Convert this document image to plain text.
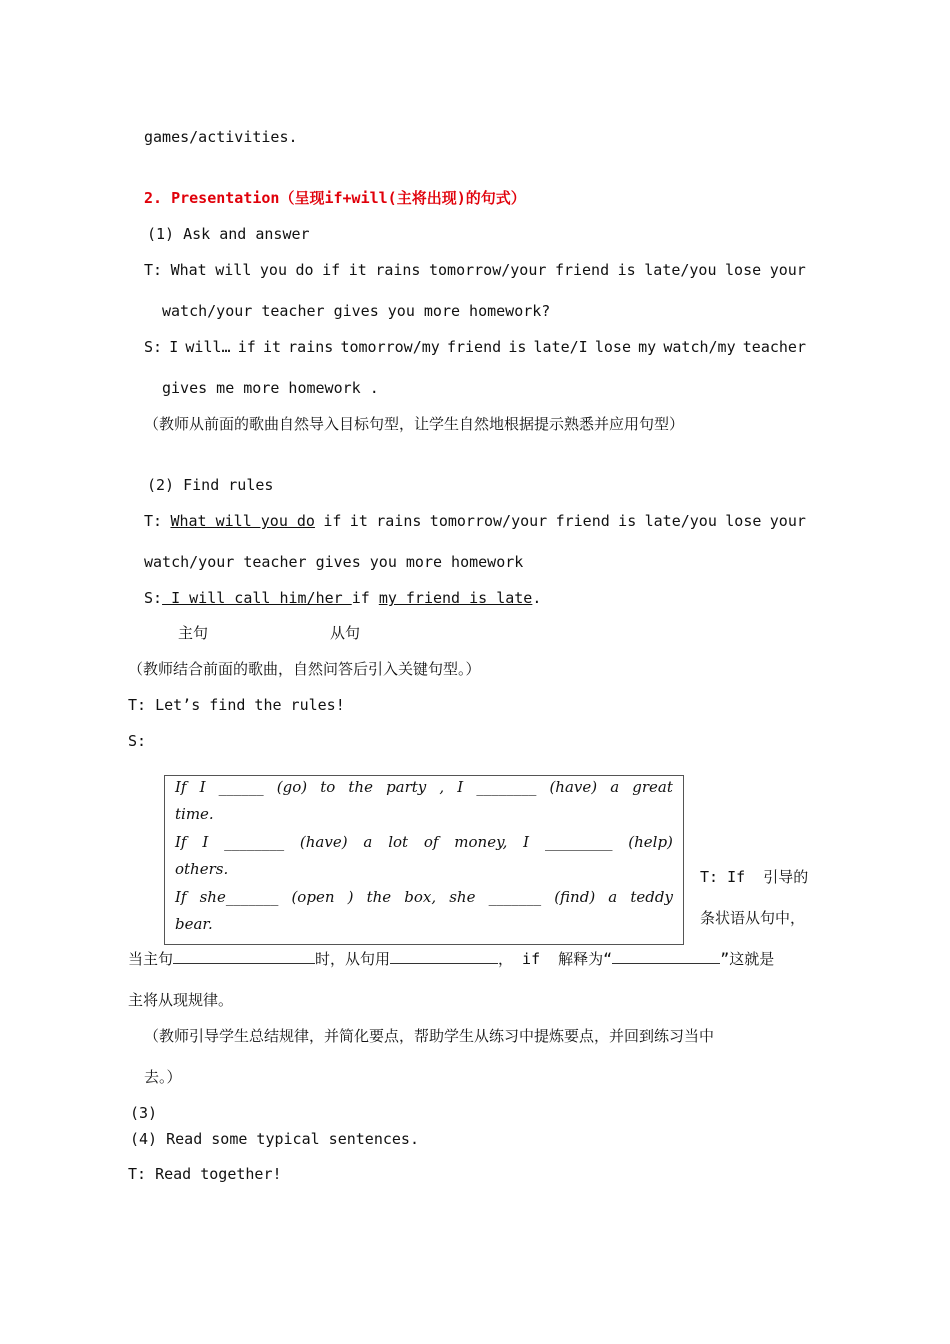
games/activities.
2. Presentation（呈现if+will(主将出现)的句式）
(1) Ask and answer
T: What will you do if it rains tomorrow/your friend is late/you lose your
watch/your teacher gives you more homework?
S: I will… if it rains tomorrow/my friend is late/I lose my watch/my teacher
gives me more homework .
（教师从前面的歌曲自然导入目标句型，让学生自然地根据提示熟悉并应用句型）
(2) Find rules
T: What will you do if it rains tomorrow/your friend is late/you lose your
watch/your teacher gives you more homework
S: I will call him/her if my friend is late.
主句	从句
（教师结合前面的歌曲，自然问答后引入关键句型。）
T: Let’s find the rules!
S:
If I ______ (go) to the party , I ________ (have) a great
time.
If I ________ (have) a lot of money, I _________ (help)
others.
If she_______ (open ) the box, she _______ (find) a teddy
bear.
T: If  引导的
条状语从句中，
当主句	时，从句用	， if  解释为“	”这就是
主将从现规律。
（教师引导学生总结规律，并简化要点，帮助学生从练习中提炼要点，并回到练习当中
去。）
(3)
(4) Read some typical sentences.
T: Read together!
